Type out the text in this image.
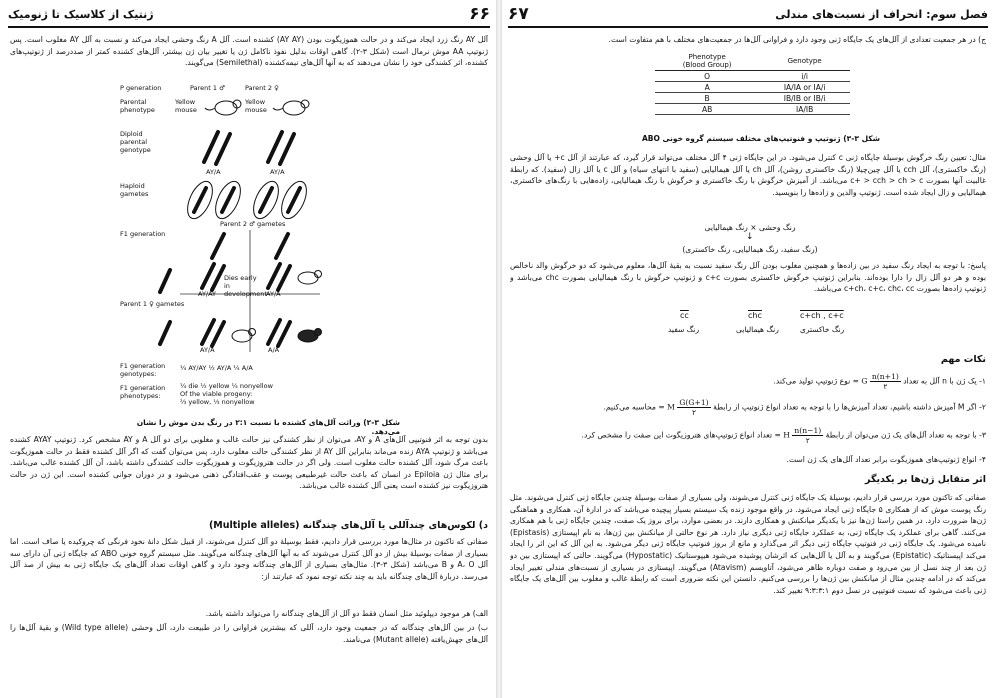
ژنتیک از کلاسیک تا ژنومیک	۶۶
آلل AY رنگ زرد ایجاد می‌کند و در حالت هموزیگوت بودن (AY AY) کشنده است. آلل A رنگ وحشی ایجاد می‌کند و نسبت به آلل AY مغلوب است. پس ژنوتیپ AA موش نرمال است (شکل ۳-۲). گاهی اوقات بدلیل نفوذ ناکامل ژن یا تغییر بیان ژن بیشتر، آلل‌های کشنده کمتر از صددرصد از ژنوتیپ‌های کشنده، اثر کشندگی خود را نشان می‌دهند که به آنها آلل‌های نیمه‌کشنده (Semilethal) می‌گویند.
P generation	Parent 1 ♂	Parent 2 ♀
Parental phenotype
Yellow mouse
Yellow mouse
Diploid parental genotype
AY/A	AY/A
Haploid gametes
F1 generation
Parent 2 ♂ gametes
Parent 1 ♀ gametes
Dies early in development
AY/AY	AY/A
AY/A	A/A
F1 generation genotypes:
¼ AY/AY ½ AY/A ¼ A/A
F1 generation phenotypes:
¼ die ½ yellow ¼ nonyellow
Of the viable progeny:
⅔ yellow, ⅓ nonyellow
شکل ۳-۲) وراثت آلل‌های کشنده با نسبت ۲:۱ در رنگ بدن موش را نشان می‌دهد.
بدون توجه به اثر فنوتیپی آلل‌های A و AY، می‌توان از نظر کشندگی نیز حالت غالب و مغلوبی برای دو آلل A و AY مشخص کرد. ژنوتیپ AYAY کشنده می‌باشد و ژنوتیپ AYA زنده می‌ماند بنابراین آلل AY از نظر کشندگی حالت مغلوب دارد. پس می‌توان گفت که اگر آلل کشنده فقط در حالت هموزیگوت باعث مرگ شود، آلل کشنده حالت مغلوب است. ولی اگر در حالت هتروزیگوت و هموزیگوت حالت کشندگی داشته باشد، آن آلل کشنده غالب می‌باشد. برای مثال ژن Epiloia در انسان که باعث حالت غیرطبیعی پوست و عقب‌افتادگی ذهنی می‌شود و در دوران جوانی کشنده است. این ژن در حالت هتروزیگوت نیز کشنده است یعنی آلل کشنده غالب می‌باشد.
د) لکوس‌های چندآللی یا آلل‌های چندگانه (Multiple alleles)
صفاتی که تاکنون در مثال‌ها مورد بررسی قرار دادیم، فقط بوسیلهٔ دو آلل کنترل می‌شوند، از قبیل شکل دانهٔ نخود فرنگی که چروکیده یا صاف است. اما بسیاری از صفات بوسیلهٔ بیش از دو آلل کنترل می‌شوند که به آنها آلل‌های چندگانه می‌گویند. مثل سیستم گروه خونی ABO که جایگاه ژنی آن دارای سه آلل A، O و B می‌باشد (شکل ۳-۳). مثال‌های بسیاری از آلل‌های چندگانه وجود دارد و گاهی اوقات تعداد آلل‌های یک جایگاه ژنی به بیش از صد آلل می‌رسد. دربارهٔ آلل‌های چندگانه باید به چند نکته توجه نمود که عبارتند از:
الف) هر موجود دیپلوئید مثل انسان فقط دو آلل از آلل‌های چندگانه را می‌تواند داشته باشد.
ب) در بین آلل‌های چندگانه که در جمعیت وجود دارد، آللی که بیشترین فراوانی را در طبیعت دارد، آلل وحشی (Wild type allele) و بقیهٔ آلل‌ها را آلل‌های جهش‌یافته (Mutant allele) می‌نامند.
۶۷	فصل سوم: انحراف از نسبت‌های مندلی
ج) در هر جمعیت تعدادی از آلل‌های یک جایگاه ژنی وجود دارد و فراوانی آلل‌ها در جمعیت‌های مختلف با هم متفاوت است.
Phenotype
(Blood Group)	Genotype
O	i/i
A	IA/IA or IA/i
B	IB/IB or IB/i
AB	IA/IB
شکل ۳-۳) ژنوتیپ و فنوتیپ‌های مختلف سیستم گروه خونی ABO
مثال: تعیین رنگ خرگوش بوسیلهٔ جایگاه ژنی c کنترل می‌شود. در این جایگاه ژنی ۴ آلل مختلف می‌تواند قرار گیرد، که عبارتند از آلل c+ یا آلل وحشی (رنگ خاکستری)، آلل cch یا آلل چین‌چیلا (رنگ خاکستری روشن)، آلل ch یا آلل هیمالیایی (سفید با انتهای سیاه) و آلل c یا آلل زال (سفید). که رابطهٔ غالبیت آنها بصورت c+ > cch > ch > c می‌باشد. از آمیزش خرگوش با رنگ خاکستری و خرگوش با رنگ هیمالیایی، زاده‌هایی با رنگ‌های خاکستری، هیمالیایی و زال ایجاد شده است. ژنوتیپ والدین و زاده‌ها را بنویسید.
رنگ وحشی × رنگ هیمالیایی
↓
(رنگ سفید، رنگ هیمالیایی، رنگ خاکستری)
پاسخ: با توجه به ایجاد رنگ سفید در بین زاده‌ها و همچنین مغلوب بودن آلل رنگ سفید نسبت به بقیهٔ آلل‌ها، معلوم می‌شود که دو خرگوش والد ناخالص بوده و هر دو آلل زال را دارا بوده‌اند. بنابراین ژنوتیپ خرگوش خاکستری بصورت c+c و ژنوتیپ خرگوش با رنگ هیمالیایی بصورت chc می‌باشد و ژنوتیپ زاده‌ها بصورت c+ch، c+c، chc، cc می‌باشد.
c+ch , c+c
رنگ خاکستری
$\overline{chc}$
رنگ هیمالیایی
$\overline{cc}$
رنگ سفید
نکات مهم
۱- یک ژن با n آلل به تعداد
$\frac{n(n+1)}{۲}$
G = نوع ژنوتیپ تولید می‌کند.
۲- اگر M آمیزش داشته باشیم، تعداد آمیزش‌ها را با توجه به تعداد انواع ژنوتیپ از رابطهٔ
$\frac{G(G+1)}{۲}$
M = محاسبه می‌کنیم.
۳- با توجه به تعداد آلل‌های یک ژن می‌توان از رابطهٔ
$\frac{n(n-1)}{۲}$
H = تعداد انواع ژنوتیپ‌های هتروزیگوت این صفت را مشخص کرد.
۴- انواع ژنوتیپ‌های هموزیگوت برابر تعداد آلل‌های یک ژن است.
اثر متقابل ژن‌ها بر یکدیگر
صفاتی که تاکنون مورد بررسی قرار دادیم، بوسیلهٔ یک جایگاه ژنی کنترل می‌شوند، ولی بسیاری از صفات بوسیلهٔ چندین جایگاه ژنی کنترل می‌شوند. مثل رنگ پوست موش که از همکاری ۵ جایگاه ژنی ایجاد می‌شود. در واقع موجود زنده یک سیستم بسیار پیچیده می‌باشد که در ادارهٔ آن، همکاری و هماهنگی ژن‌ها ضرورت دارد. در همین راستا ژن‌ها نیز با یکدیگر میانکنش و همکاری دارند. در بعضی موارد، برای بروز یک صفت، چندین جایگاه ژنی با هم همکاری می‌کنند. گاهی برای عملکرد یک جایگاه ژنی، به عملکرد جایگاه ژنی دیگری نیاز دارد. هر نوع حالتی از میانکنش بین ژن‌ها، به نام اپیستازی (Epistasis) نامیده می‌شود. یک جایگاه ژنی در فنوتیپ جایگاه ژنی دیگر اثر می‌گذارد و مانع از بروز فنوتیپ جایگاه ژنی دیگر می‌شود. به این آلل که این اثر را ایجاد می‌کند اپیستاتیک (Epistatic) می‌گویند و به آلل یا آلل‌هایی که اثرشان پوشیده می‌شود هیپوستاتیک (Hypostatic) می‌گویند. حالتی که اپیستازی بین دو ژن بعد از چند نسل از بین می‌رود و صفت دوباره ظاهر می‌شود، آتاویسم (Atavism) می‌گویند. اپیستازی در بسیاری از نسبت‌های مندلی تغییر ایجاد می‌کند که در ادامه چندین مثال از میانکنش بین ژن‌ها را بررسی می‌کنیم. دانستن این نکته ضروری است که رابطهٔ غالب و مغلوب بین آلل‌های یک جایگاه ژنی باعث می‌شود که نسبت فنوتیپی در نسل دوم ۹:۳:۳:۱ تغییر کند.
